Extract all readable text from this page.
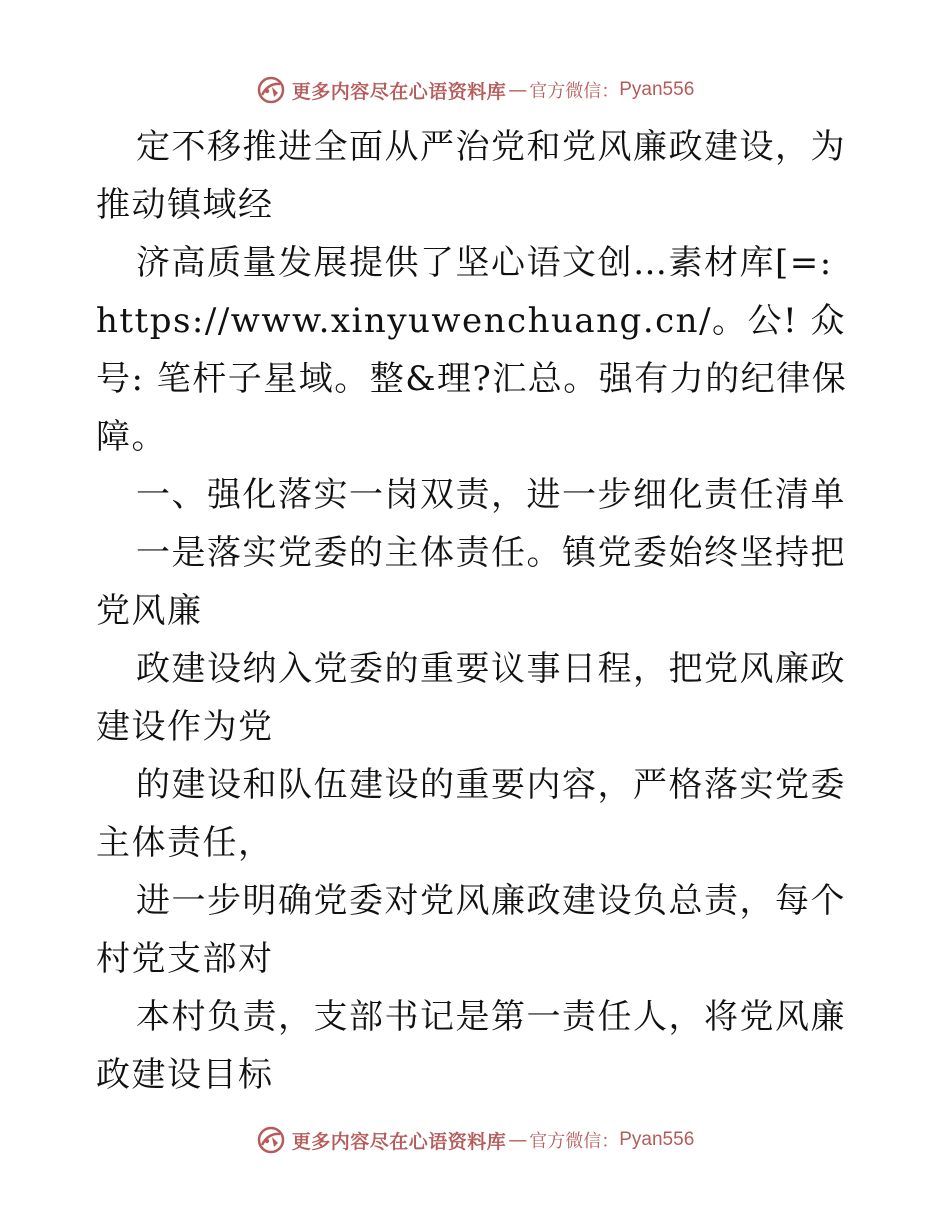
更多内容尽在心语资料库 — 官方微信： Pyan556

定不移推进全面从严治党和党风廉政建设，为推动镇域经

济高质量发展提供了坚心语文创…素材库[=: https://www.xinyuwenchuang.cn/。公! 众号: 笔杆子星域。整&理?汇总。强有力的纪律保障。

一、强化落实一岗双责，进一步细化责任清单

一是落实党委的主体责任。镇党委始终坚持把党风廉

政建设纳入党委的重要议事日程，把党风廉政建设作为党

的建设和队伍建设的重要内容，严格落实党委主体责任，

进一步明确党委对党风廉政建设负总责，每个村党支部对

本村负责，支部书记是第一责任人，将党风廉政建设目标

更多内容尽在心语资料库 — 官方微信： Pyan556
